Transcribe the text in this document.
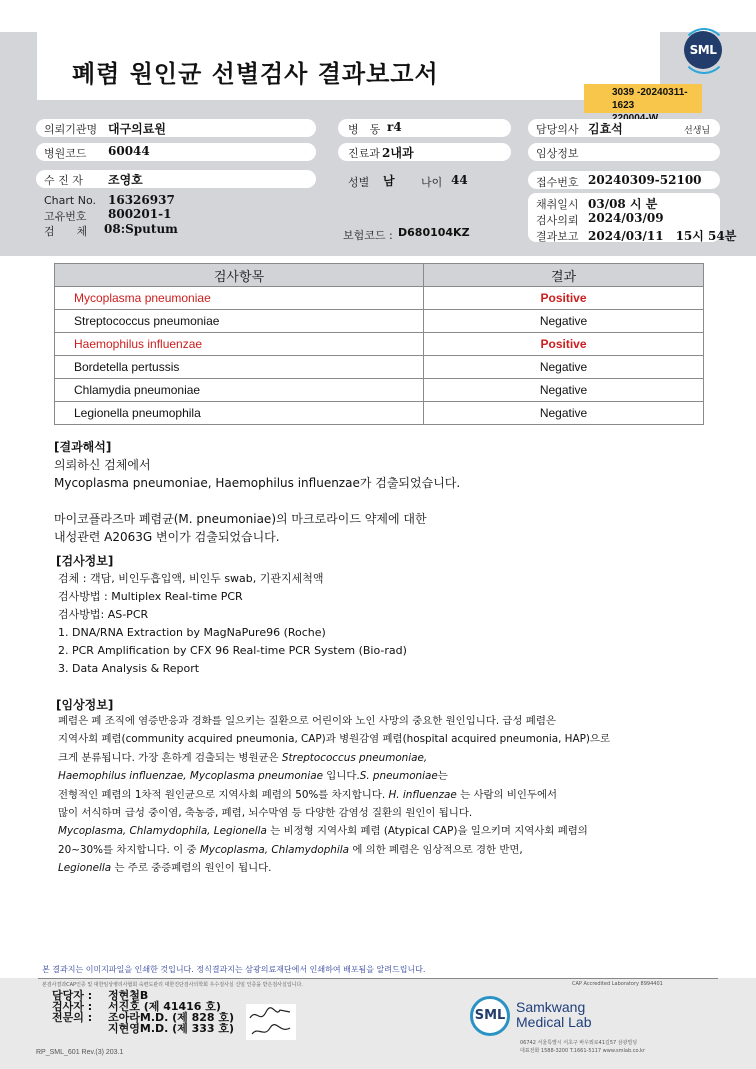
폐렴 원인균 선별검사 결과보고서
SML
3039 -20240311-1623
의뢰기관명 대구의료원
병원코드 60044
수 진 자 조영호
Chart No. 16326937
고유번호 800201-1
검　　체 08:Sputum
병　동 r4
진료과 2내과
성별 남 나이 44
보험코드 : D680104KZ
담당의사 김효석	선생님
임상정보
접수번호 20240309-52100
채취일시 03/08 시 분
검사의뢰 2024/03/09
결과보고 2024/03/11　15시 54분
검사항목	결과
Mycoplasma pneumoniae	Positive
Streptococcus pneumoniae	Negative
Haemophilus influenzae	Positive
Bordetella pertussis	Negative
Chlamydia pneumoniae	Negative
Legionella pneumophila	Negative
[결과해석]
의뢰하신 검체에서
Mycoplasma pneumoniae, Haemophilus influenzae가 검출되었습니다.
마이코플라즈마 폐렴균(M. pneumoniae)의 마크로라이드 약제에 대한
내성관련 A2063G 변이가 검출되었습니다.
[검사정보]
검체 : 객담, 비인두흡입액, 비인두 swab, 기관지세척액
검사방법 : Multiplex Real-time PCR
검사방법: AS-PCR
1. DNA/RNA Extraction by MagNaPure96 (Roche)
2. PCR Amplification by CFX 96 Real-time PCR System (Bio-rad)
3. Data Analysis & Report
[임상정보]
폐렴은 폐 조직에 염증반응과 경화를 일으키는 질환으로 어린이와 노인 사망의 중요한 원인입니다. 급성 폐렴은
지역사회 폐렴(community acquired pneumonia, CAP)과 병원감염 폐렴(hospital acquired pneumonia, HAP)으로
크게 분류됩니다. 가장 흔하게 검출되는 병원균은 Streptococcus pneumoniae,
Haemophilus influenzae, Mycoplasma pneumoniae 입니다.S. pneumoniae는
전형적인 폐렴의 1차적 원인균으로 지역사회 폐렴의 50%를 차지합니다. H. influenzae 는 사람의 비인두에서
많이 서식하며 급성 중이염, 축농증, 폐렴, 뇌수막염 등 다양한 감염성 질환의 원인이 됩니다.
Mycoplasma, Chlamydophila, Legionella 는 비정형 지역사회 폐렴 (Atypical CAP)을 일으키며 지역사회 폐렴의
20~30%를 차지합니다. 이 중 Mycoplasma, Chlamydophila 에 의한 폐렴은 임상적으로 경한 반면,
Legionella 는 주로 중증폐렴의 원인이 됩니다.
본 결과지는 이미지파일을 인쇄한 것입니다. 정식결과지는 삼광의료재단에서 인쇄하여 배포됨을 알려드립니다.
본검사결과CAP인증 및 대한임상병리사협회 숙련도관리 대한진단검사의학회 우수검사실 신임 인증을 받은검사실입니다.	CAP Accredited Laboratory 8994401
담당자 :	정현철B
검사자 :	서진호 (제 41416 호)
전문의 :	조아라M.D. (제 828 호)
지현영M.D. (제 333 호)
SML
Samkwang
Medical Lab
06742 서울특별시 서초구 바우뫼로41길57 삼광빌딩
대표전화 1588-3200 T.1661-5117 www.smlab.co.kr
RP_SML_601 Rev.(3) 203.1
